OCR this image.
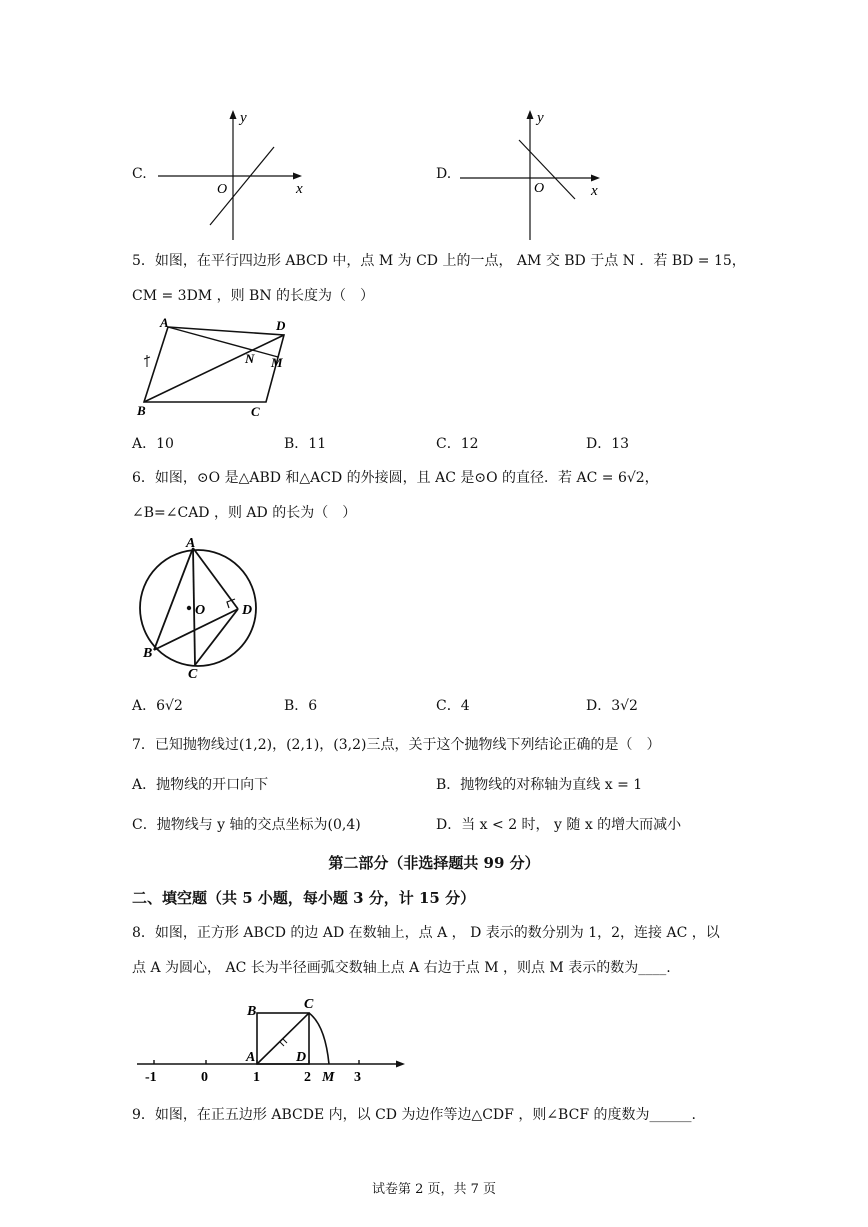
C.
y
x
O
D.
y
x
O
5．如图，在平行四边形 ABCD 中，点 M 为 CD 上的一点， AM 交 BD 于点 N ．若 BD = 15，
CM = 3DM ，则 BN 的长度为（　）
A	D
N M
B	C
A．10	B．11	C．12	D．13
6．如图，⊙O 是△ABD 和△ACD 的外接圆，且 AC 是⊙O 的直径．若 AC = 6√2，
∠B=∠CAD ，则 AD 的长为（　）
A
O	D
B
C
A．6√2	B．6	C．4	D．3√2
7．已知抛物线过(1,2)，(2,1)，(3,2)三点，关于这个抛物线下列结论正确的是（　）
A．抛物线的开口向下	B．抛物线的对称轴为直线 x = 1
C．抛物线与 y 轴的交点坐标为(0,4)	D．当 x < 2 时， y 随 x 的增大而减小
第二部分（非选择题共 99 分）
二、填空题（共 5 小题，每小题 3 分，计 15 分）
8．如图，正方形 ABCD 的边 AD 在数轴上，点 A ， D 表示的数分别为 1，2，连接 AC ，以
点 A 为圆心， AC 长为半径画弧交数轴上点 A 右边于点 M ，则点 M 表示的数为____.
B	C
A	D
M
-1	0	1	2	3
9．如图，在正五边形 ABCDE 内，以 CD 为边作等边△CDF ，则∠BCF 的度数为______.
试卷第 2 页，共 7 页
